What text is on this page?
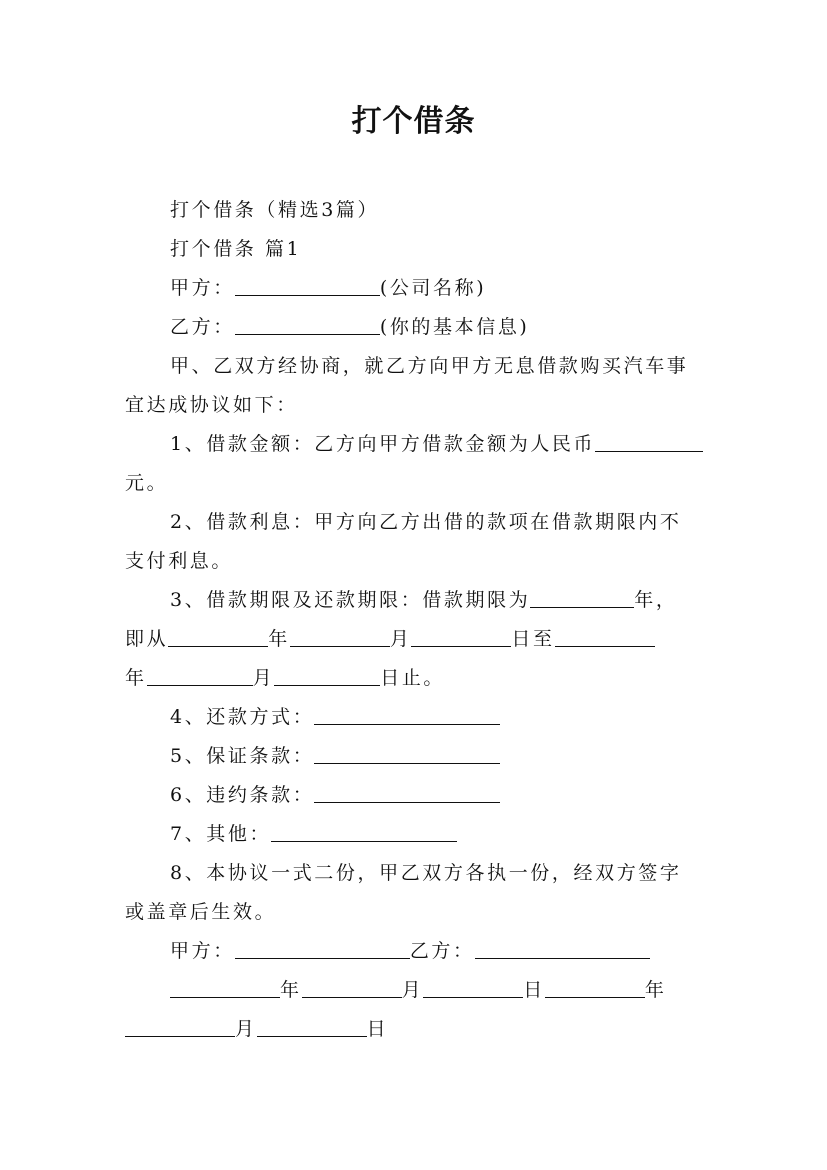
打个借条
打个借条（精选3篇）
打个借条 篇1
甲方：	(公司名称)
乙方：	(你的基本信息)
甲、乙双方经协商，就乙方向甲方无息借款购买汽车事
宜达成协议如下：
1、借款金额：乙方向甲方借款金额为人民币
元。
2、借款利息：甲方向乙方出借的款项在借款期限内不
支付利息。
3、借款期限及还款期限：借款期限为	年，
即从	年	月	日至
年	月	日止。
4、还款方式：
5、保证条款：
6、违约条款：
7、其他：
8、本协议一式二份，甲乙双方各执一份，经双方签字
或盖章后生效。
甲方：	乙方：
年	月	日	年
月	日
